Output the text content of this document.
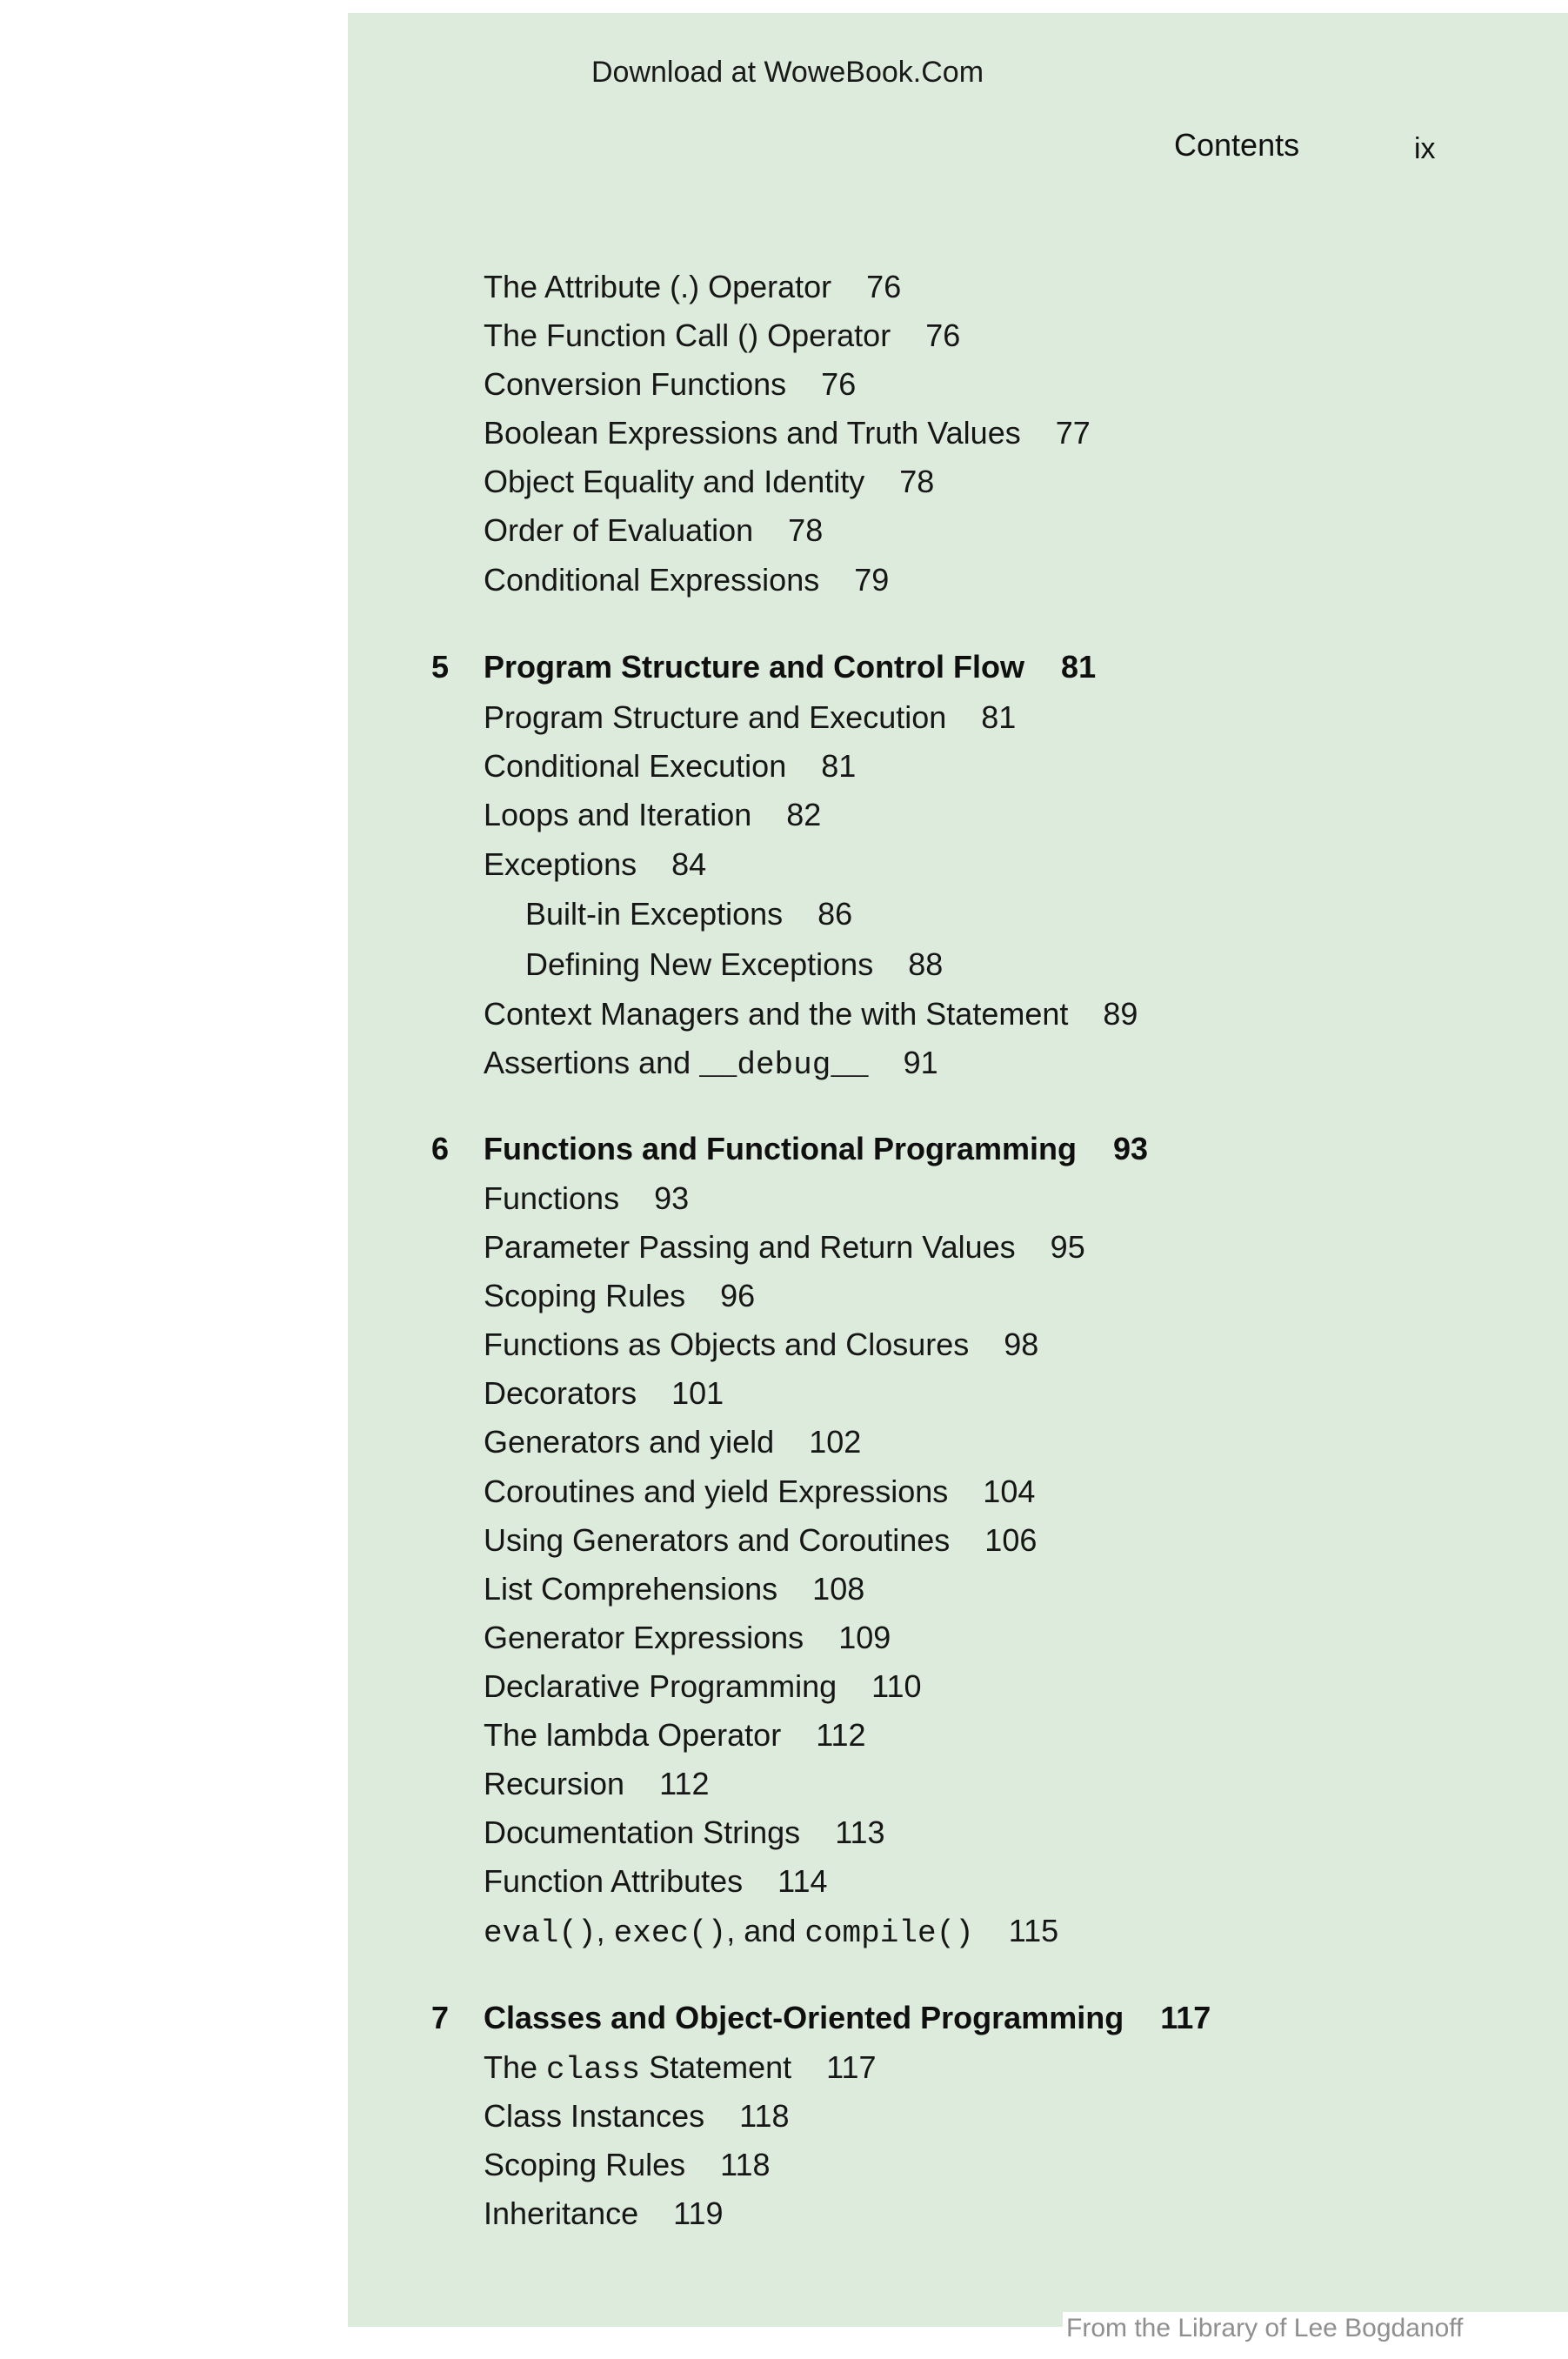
Download at WoweBook.Com
Contents	ix
The Attribute (.) Operator 76
The Function Call () Operator 76
Conversion Functions 76
Boolean Expressions and Truth Values 77
Object Equality and Identity 78
Order of Evaluation 78
Conditional Expressions 79
5 Program Structure and Control Flow 81
Program Structure and Execution 81
Conditional Execution 81
Loops and Iteration 82
Exceptions 84
Built-in Exceptions 86
Defining New Exceptions 88
Context Managers and the with Statement 89
Assertions and __debug__ 91
6 Functions and Functional Programming 93
Functions 93
Parameter Passing and Return Values 95
Scoping Rules 96
Functions as Objects and Closures 98
Decorators 101
Generators and yield 102
Coroutines and yield Expressions 104
Using Generators and Coroutines 106
List Comprehensions 108
Generator Expressions 109
Declarative Programming 110
The lambda Operator 112
Recursion 112
Documentation Strings 113
Function Attributes 114
eval(), exec(), and compile() 115
7 Classes and Object-Oriented Programming 117
The class Statement 117
Class Instances 118
Scoping Rules 118
Inheritance 119
From the Library of Lee Bogdanoff
